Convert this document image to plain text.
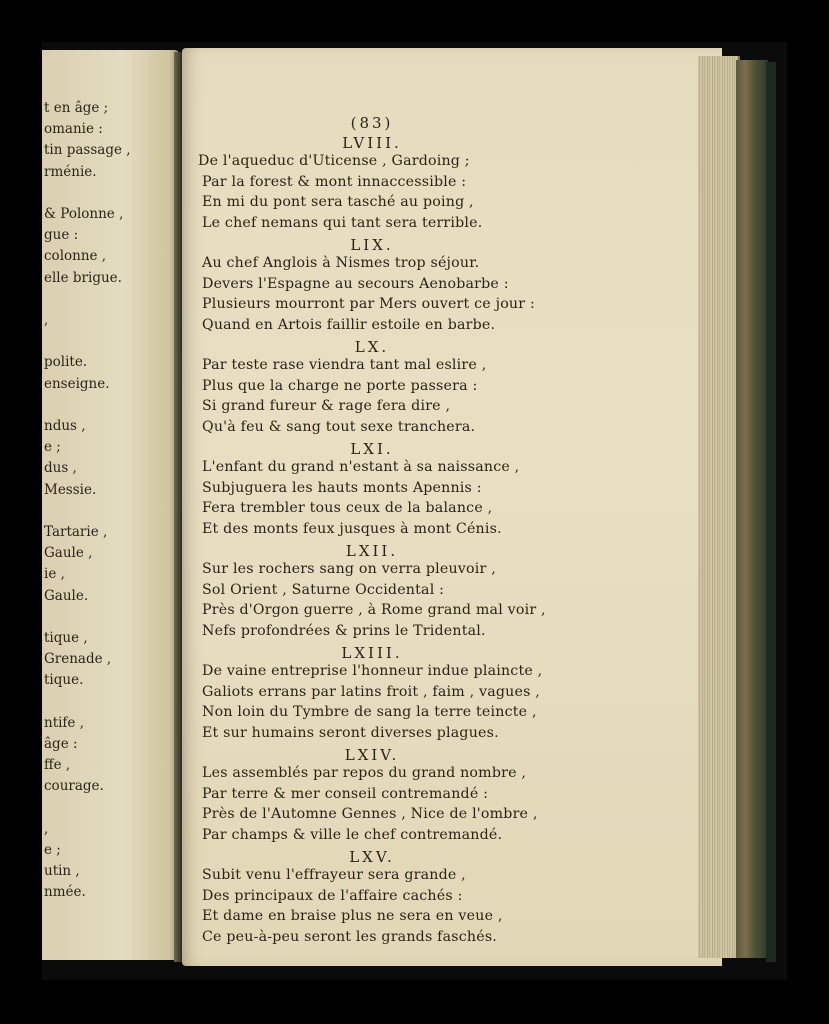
t en âge ;
omanie :
tin passage ,
rménie.
& Polonne ,
gue :
colonne ,
elle brigue.
,
polite.
enseigne.
ndus ,
e ;
dus ,
Messie.
Tartarie ,
Gaule ,
ie ,
Gaule.
tique ,
Grenade ,
tique.
ntife ,
âge :
ffe ,
courage.
,
e ;
utin ,
nmée.
(83)
LVIII.
De l'aqueduc d'Uticense , Gardoing ;
Par la forest & mont innaccessible :
En mi du pont sera tasché au poing ,
Le chef nemans qui tant sera terrible.
LIX.
Au chef Anglois à Nismes trop séjour.
Devers l'Espagne au secours Aenobarbe :
Plusieurs mourront par Mers ouvert ce jour :
Quand en Artois faillir estoile en barbe.
LX.
Par teste rase viendra tant mal eslire ,
Plus que la charge ne porte passera :
Si grand fureur & rage fera dire ,
Qu'à feu & sang tout sexe tranchera.
LXI.
L'enfant du grand n'estant à sa naissance ,
Subjuguera les hauts monts Apennis :
Fera trembler tous ceux de la balance ,
Et des monts feux jusques à mont Cénis.
LXII.
Sur les rochers sang on verra pleuvoir ,
Sol Orient , Saturne Occidental :
Près d'Orgon guerre , à Rome grand mal voir ,
Nefs profondrées & prins le Tridental.
LXIII.
De vaine entreprise l'honneur indue plaincte ,
Galiots errans par latins froit , faim , vagues ,
Non loin du Tymbre de sang la terre teincte ,
Et sur humains seront diverses plagues.
LXIV.
Les assemblés par repos du grand nombre ,
Par terre & mer conseil contremandé :
Près de l'Automne Gennes , Nice de l'ombre ,
Par champs & ville le chef contremandé.
LXV.
Subit venu l'effrayeur sera grande ,
Des principaux de l'affaire cachés :
Et dame en braise plus ne sera en veue ,
Ce peu-à-peu seront les grands faschés.
